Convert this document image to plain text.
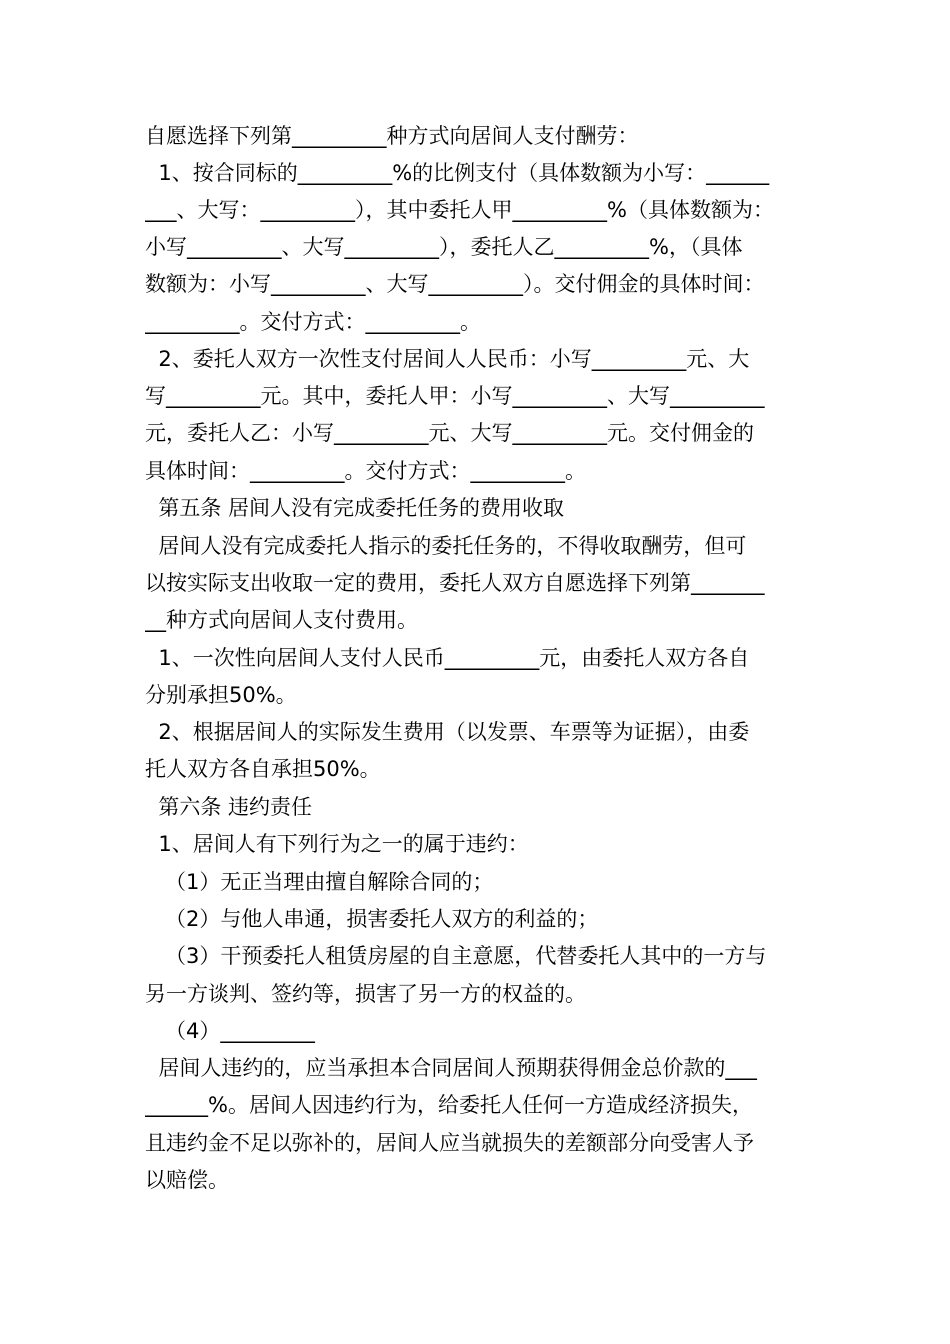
自愿选择下列第_________种方式向居间人支付酬劳：
1、按合同标的_________%的比例支付（具体数额为小写：______
___、大写：_________），其中委托人甲_________%（具体数额为：
小写_________、大写_________），委托人乙_________%，（具体
数额为：小写_________、大写_________）。交付佣金的具体时间：
_________。交付方式：_________。
2、委托人双方一次性支付居间人人民币：小写_________元、大
写_________元。其中，委托人甲：小写_________、大写_________
元，委托人乙：小写_________元、大写_________元。交付佣金的
具体时间：_________。交付方式：_________。
第五条 居间人没有完成委托任务的费用收取
居间人没有完成委托人指示的委托任务的，不得收取酬劳，但可
以按实际支出收取一定的费用，委托人双方自愿选择下列第_______
__种方式向居间人支付费用。
1、一次性向居间人支付人民币_________元，由委托人双方各自
分别承担50%。
2、根据居间人的实际发生费用（以发票、车票等为证据），由委
托人双方各自承担50%。
第六条 违约责任
1、居间人有下列行为之一的属于违约：
（1）无正当理由擅自解除合同的；
（2）与他人串通，损害委托人双方的利益的；
（3）干预委托人租赁房屋的自主意愿，代替委托人其中的一方与
另一方谈判、签约等，损害了另一方的权益的。
（4）_________
居间人违约的，应当承担本合同居间人预期获得佣金总价款的___
______%。居间人因违约行为，给委托人任何一方造成经济损失，
且违约金不足以弥补的，居间人应当就损失的差额部分向受害人予
以赔偿。
